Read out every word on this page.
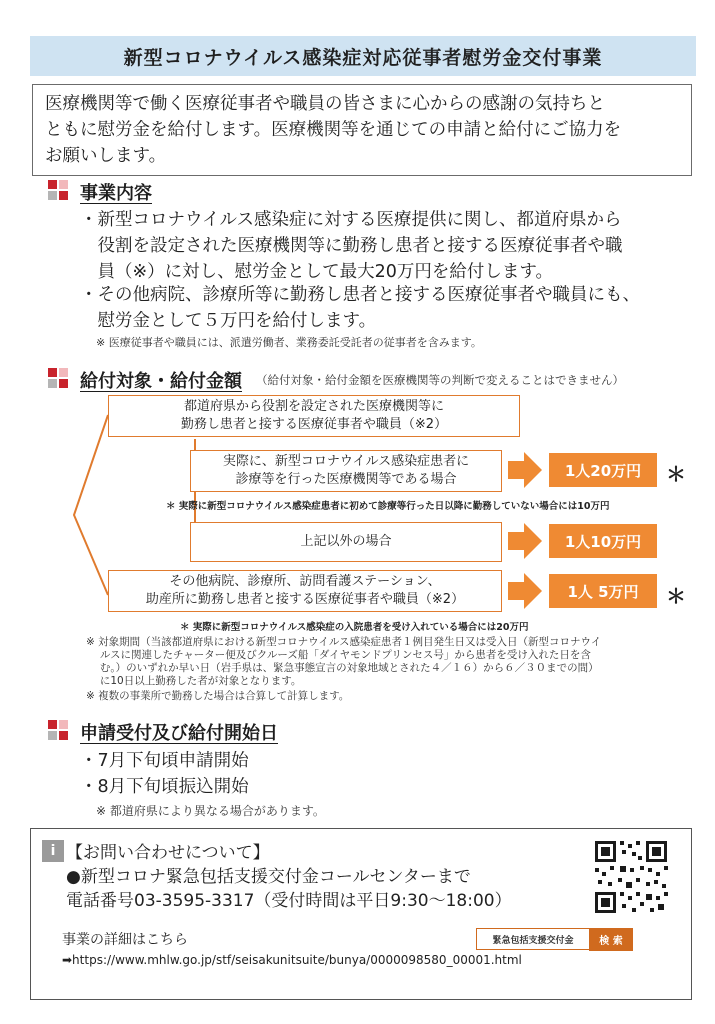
新型コロナウイルス感染症対応従事者慰労金交付事業
医療機関等で働く医療従事者や職員の皆さまに心からの感謝の気持ちと
ともに慰労金を給付します。医療機関等を通じての申請と給付にご協力を
お願いします。
事業内容
・新型コロナウイルス感染症に対する医療提供に関し、都道府県から
　役割を設定された医療機関等に勤務し患者と接する医療従事者や職
　員（※）に対し、慰労金として最大20万円を給付します。
・その他病院、診療所等に勤務し患者と接する医療従事者や職員にも、
　慰労金として５万円を給付します。
※ 医療従事者や職員には、派遣労働者、業務委託受託者の従事者を含みます。
給付対象・給付金額 （給付対象・給付金額を医療機関等の判断で変えることはできません）
都道府県から役割を設定された医療機関等に
勤務し患者と接する医療従事者や職員（※2）
実際に、新型コロナウイルス感染症患者に
診療等を行った医療機関等である場合	1人20万円	＊
＊ 実際に新型コロナウイルス感染症患者に初めて診療等行った日以降に勤務していない場合には10万円
上記以外の場合	1人10万円
その他病院、診療所、訪問看護ステーション、
助産所に勤務し患者と接する医療従事者や職員（※2）	1人 5万円	＊
＊ 実際に新型コロナウイルス感染症の入院患者を受け入れている場合には20万円
※ 対象期間（当該都道府県における新型コロナウイルス感染症患者１例目発生日又は受入日（新型コロナウイ
　 ルスに関連したチャーター便及びクルーズ船「ダイヤモンドプリンセス号」から患者を受け入れた日を含
　 む。）のいずれか早い日（岩手県は、緊急事態宣言の対象地域とされた４／１６）から６／３０までの間）
　 に10日以上勤務した者が対象となります。
※ 複数の事業所で勤務した場合は合算して計算します。
申請受付及び給付開始日
・7月下旬頃申請開始
・8月下旬頃振込開始
※ 都道府県により異なる場合があります。
i 【お問い合わせについて】
●新型コロナ緊急包括支援交付金コールセンターまで
電話番号03-3595-3317（受付時間は平日9:30～18:00）
事業の詳細はこちら	緊急包括支援交付金	検 索
➡https://www.mhlw.go.jp/stf/seisakunitsuite/bunya/0000098580_00001.html
